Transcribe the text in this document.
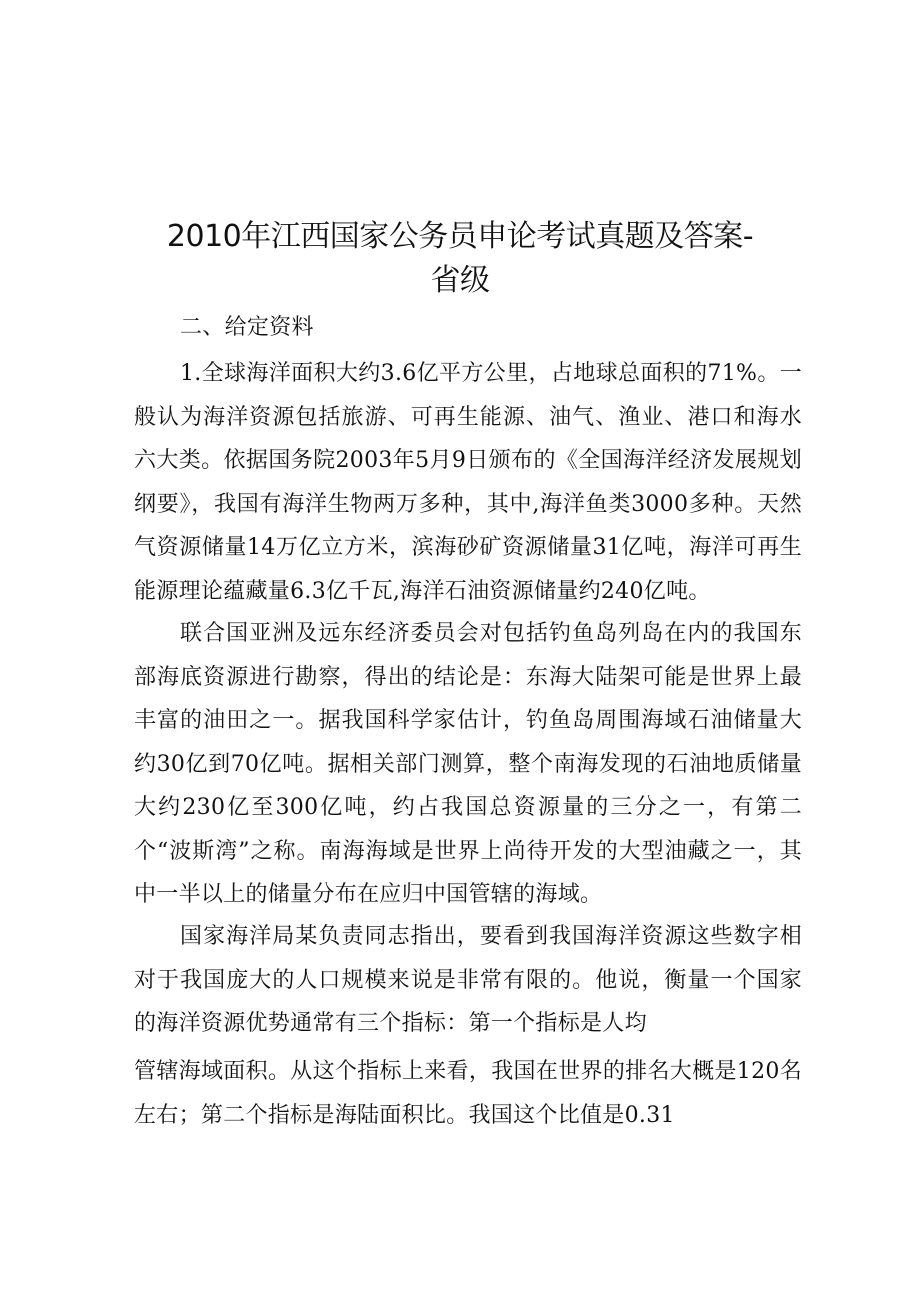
2010年江西国家公务员申论考试真题及答案-
省级

二、给定资料

1.全球海洋面积大约3.6亿平方公里，占地球总面积的71%。一般认为海洋资源包括旅游、可再生能源、油气、渔业、港口和海水六大类。依据国务院2003年5月9日颁布的《全国海洋经济发展规划纲要》，我国有海洋生物两万多种，其中,海洋鱼类3000多种。天然气资源储量14万亿立方米，滨海砂矿资源储量31亿吨，海洋可再生能源理论蕴藏量6.3亿千瓦,海洋石油资源储量约240亿吨。

联合国亚洲及远东经济委员会对包括钓鱼岛列岛在内的我国东部海底资源进行勘察，得出的结论是：东海大陆架可能是世界上最丰富的油田之一。据我国科学家估计，钓鱼岛周围海域石油储量大约30亿到70亿吨。据相关部门测算，整个南海发现的石油地质储量大约230亿至300亿吨，约占我国总资源量的三分之一，有第二个“波斯湾”之称。南海海域是世界上尚待开发的大型油藏之一，其中一半以上的储量分布在应归中国管辖的海域。

国家海洋局某负责同志指出，要看到我国海洋资源这些数字相对于我国庞大的人口规模来说是非常有限的。他说，衡量一个国家的海洋资源优势通常有三个指标：第一个指标是人均

管辖海域面积。从这个指标上来看，我国在世界的排名大概是120名左右；第二个指标是海陆面积比。我国这个比值是0.31
